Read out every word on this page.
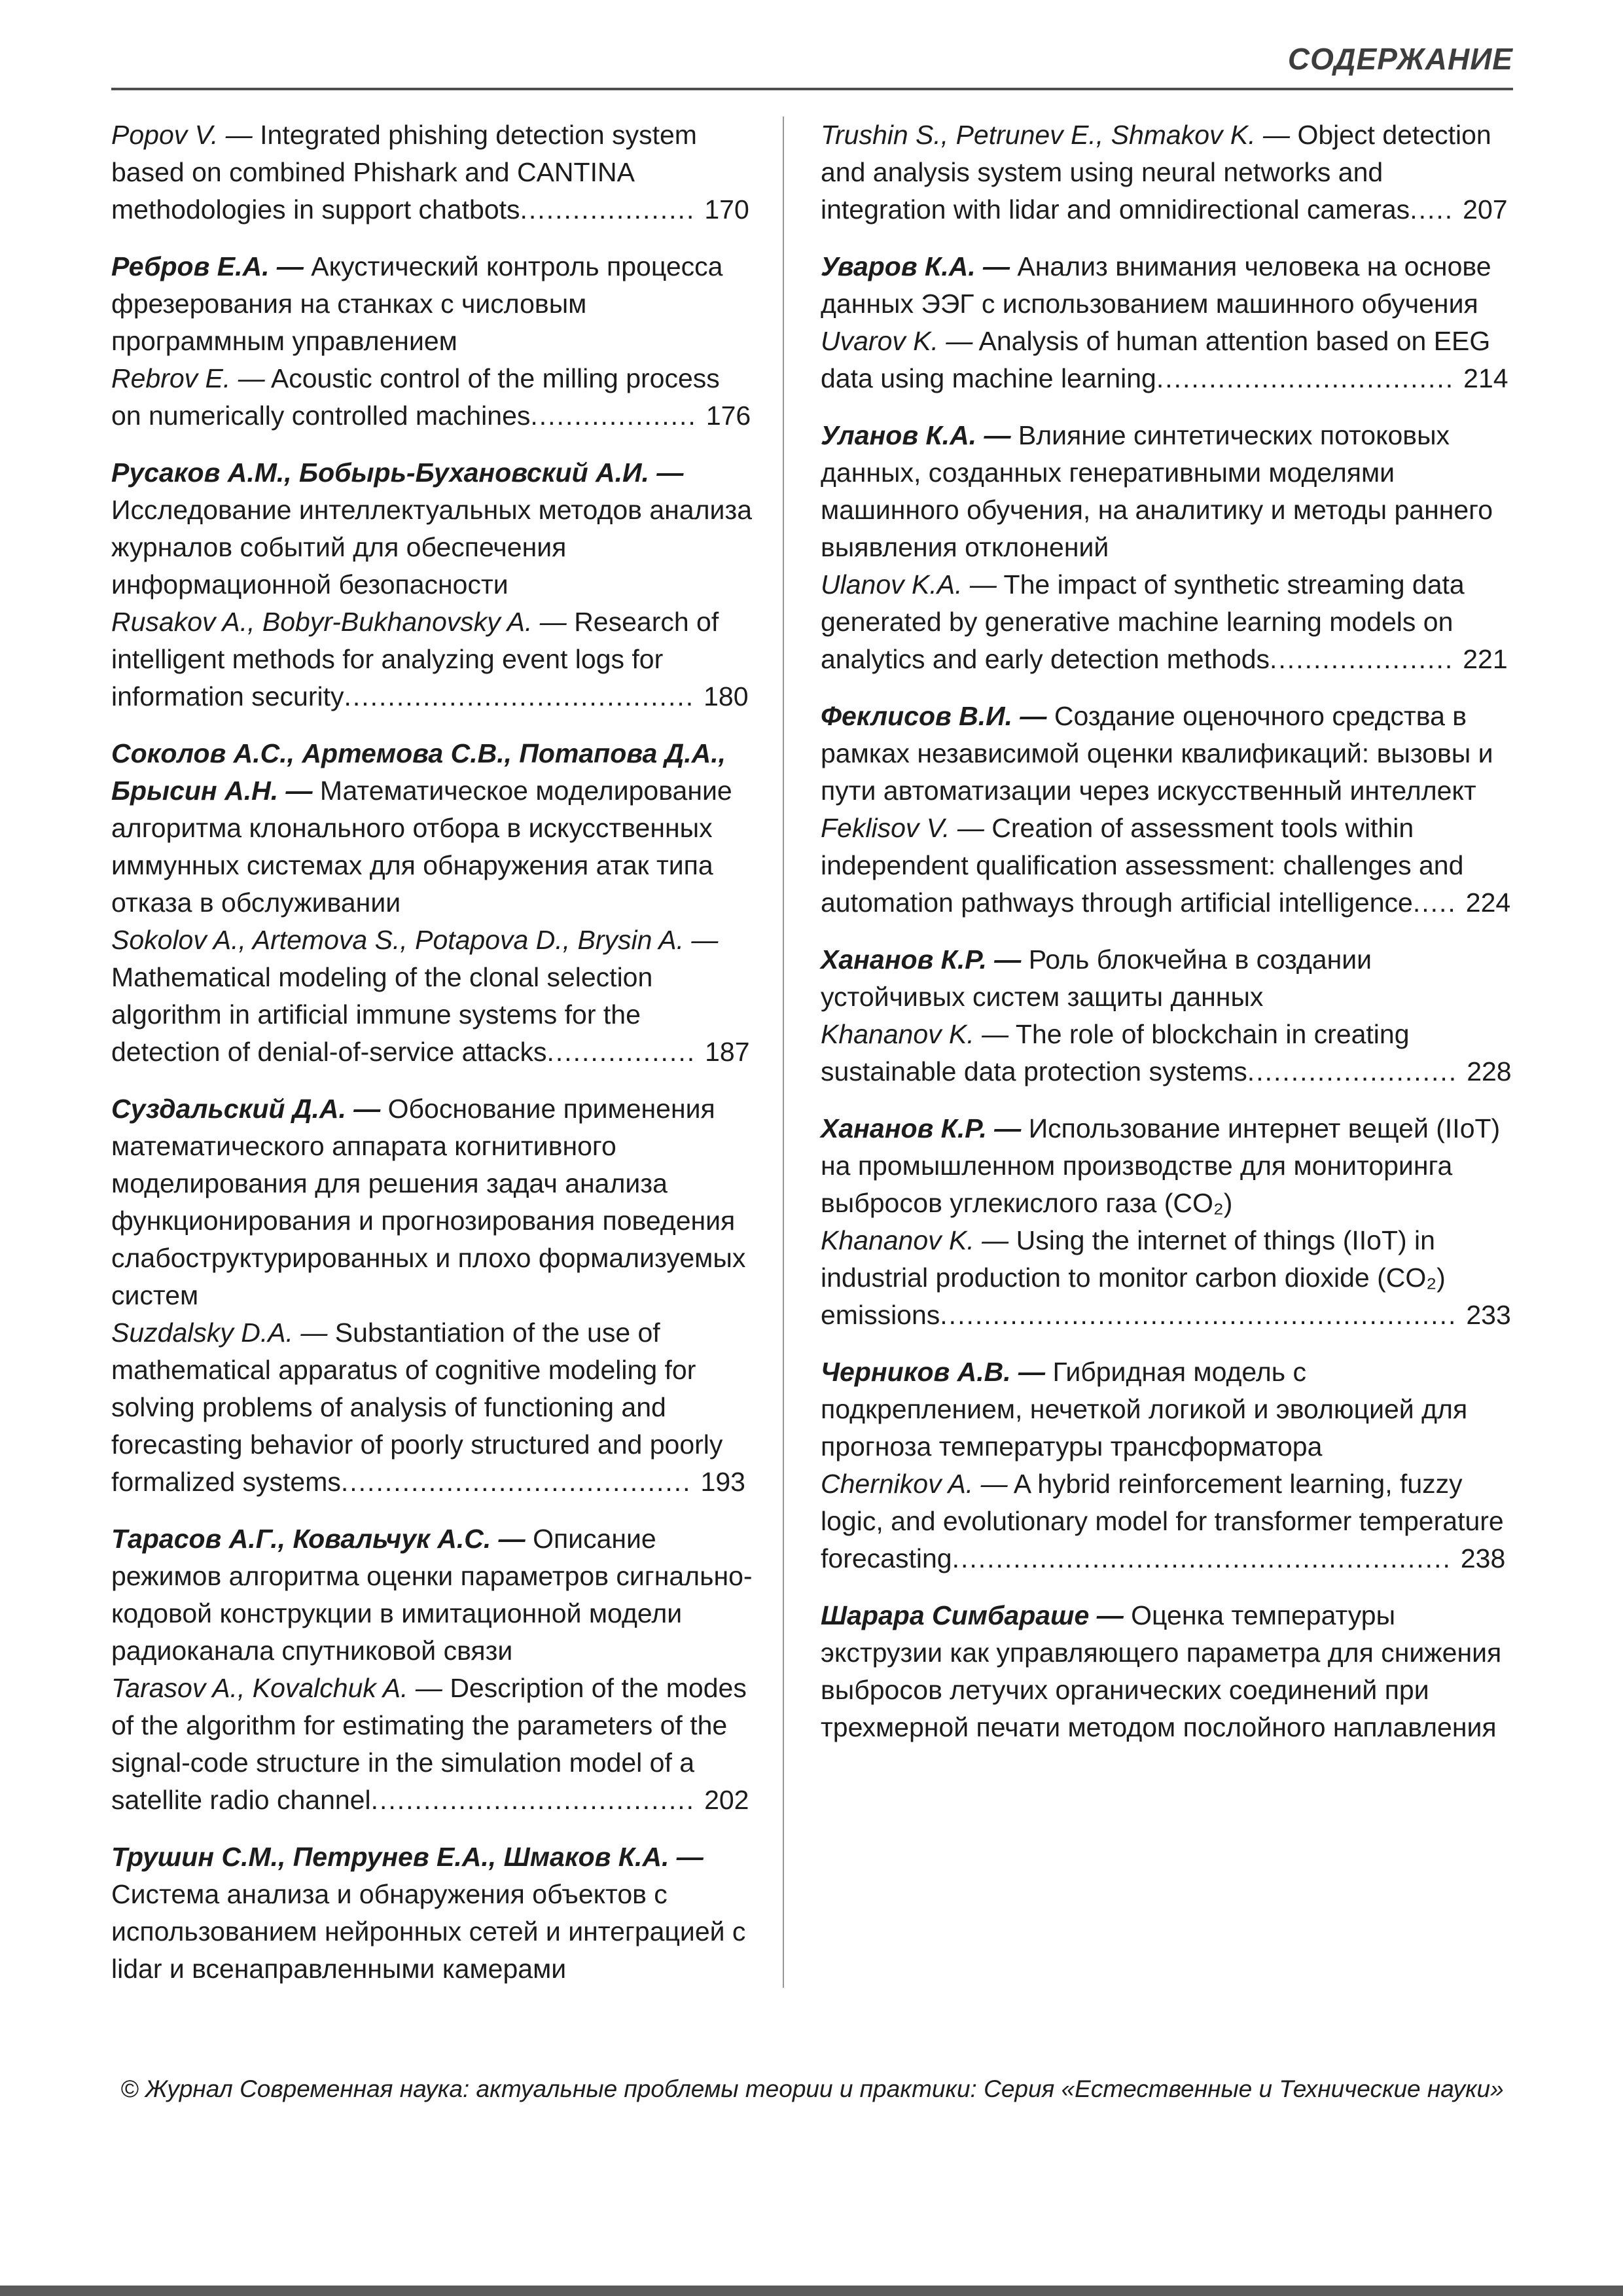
СОДЕРЖАНИЕ

Popov V. — Integrated phishing detection system based on combined Phishark and CANTINA methodologies in support chatbots.​.​.​.​.​.​.​.​.​.​.​.​.​.​.​.​.​.​.​.​ 170

Ребров Е.А. — Акустический контроль процесса фрезерования на станках с числовым программным управлением

Rebrov E. — Acoustic control of the milling process on numerically controlled machines.​.​.​.​.​.​.​.​.​.​.​.​.​.​.​.​.​.​.​ 176

Русаков А.М., Бобырь-Бухановский А.И. — Исследование интеллектуальных методов анализа журналов событий для обеспечения информационной безопасности

Rusakov A., Bobyr-Bukhanovsky A. — Research of intelligent methods for analyzing event logs for information security.​.​.​.​.​.​.​.​.​.​.​.​.​.​.​.​.​.​.​.​.​.​.​.​.​.​.​.​.​.​.​.​.​.​.​.​.​.​.​.​ 180

Соколов А.С., Артемова С.В., Потапова Д.А., Брысин А.Н. — Математическое моделирование алгоритма клонального отбора в искусственных иммунных системах для обнаружения атак типа отказа в обслуживании

Sokolov A., Artemova S., Potapova D., Brysin A. — Mathematical modeling of the clonal selection algorithm in artificial immune systems for the detection of denial-of-service attacks.​.​.​.​.​.​.​.​.​.​.​.​.​.​.​.​.​ 187

Суздальский Д.А. — Обоснование применения математического аппарата когнитивного моделирования для решения задач анализа функционирования и прогнозирования поведения слабоструктурированных и плохо формализуемых систем

Suzdalsky D.A. — Substantiation of the use of mathematical apparatus of cognitive modeling for solving problems of analysis of functioning and forecasting behavior of poorly structured and poorly formalized systems.​.​.​.​.​.​.​.​.​.​.​.​.​.​.​.​.​.​.​.​.​.​.​.​.​.​.​.​.​.​.​.​.​.​.​.​.​.​.​.​ 193

Тарасов А.Г., Ковальчук А.С. — Описание режимов алгоритма оценки параметров сигнально-кодовой конструкции в имитационной модели радиоканала спутниковой связи

Tarasov A., Kovalchuk A. — Description of the modes of the algorithm for estimating the parameters of the signal-code structure in the simulation model of a satellite radio channel.​.​.​.​.​.​.​.​.​.​.​.​.​.​.​.​.​.​.​.​.​.​.​.​.​.​.​.​.​.​.​.​.​.​.​.​.​ 202

Трушин С.М., Петрунев Е.А., Шмаков К.А. — Система анализа и обнаружения объектов с использованием нейронных сетей и интеграцией с lidar и всенаправленными камерами

Trushin S., Petrunev E., Shmakov K. — Object detection and analysis system using neural networks and integration with lidar and omnidirectional cameras.​.​.​.​.​ 207

Уваров К.А. — Анализ внимания человека на основе данных ЭЭГ с использованием машинного обучения

Uvarov K. — Analysis of human attention based on EEG data using machine learning.​.​.​.​.​.​.​.​.​.​.​.​.​.​.​.​.​.​.​.​.​.​.​.​.​.​.​.​.​.​.​.​.​.​ 214

Уланов К.А. — Влияние синтетических потоковых данных, созданных генеративными моделями машинного обучения, на аналитику и методы раннего выявления отклонений

Ulanov K.A. — The impact of synthetic streaming data generated by generative machine learning models on analytics and early detection methods.​.​.​.​.​.​.​.​.​.​.​.​.​.​.​.​.​.​.​.​.​ 221

Феклисов В.И. — Создание оценочного средства в рамках независимой оценки квалификаций: вызовы и пути автоматизации через искусственный интеллект

Feklisov V. — Creation of assessment tools within independent qualification assessment: challenges and automation pathways through artificial intelligence.​.​.​.​.​ 224

Хананов К.Р. — Роль блокчейна в создании устойчивых систем защиты данных

Khananov K. — The role of blockchain in creating sustainable data protection systems.​.​.​.​.​.​.​.​.​.​.​.​.​.​.​.​.​.​.​.​.​.​.​.​ 228

Хананов К.Р. — Использование интернет вещей (IIoT) на промышленном производстве для мониторинга выбросов углекислого газа (CO₂)

Khananov K. — Using the internet of things (IIoT) in industrial production to monitor carbon dioxide (CO₂) emissions.​.​.​.​.​.​.​.​.​.​.​.​.​.​.​.​.​.​.​.​.​.​.​.​.​.​.​.​.​.​.​.​.​.​.​.​.​.​.​.​.​.​.​.​.​.​.​.​.​.​.​.​.​.​.​.​.​.​.​ 233

Черников А.В. — Гибридная модель с подкреплением, нечеткой логикой и эволюцией для прогноза температуры трансформатора

Chernikov A. — A hybrid reinforcement learning, fuzzy logic, and evolutionary model for transformer temperature forecasting.​.​.​.​.​.​.​.​.​.​.​.​.​.​.​.​.​.​.​.​.​.​.​.​.​.​.​.​.​.​.​.​.​.​.​.​.​.​.​.​.​.​.​.​.​.​.​.​.​.​.​.​.​.​.​.​.​ 238

Шарара Симбараше — Оценка температуры экструзии как управляющего параметра для снижения выбросов летучих органических соединений при трехмерной печати методом послойного наплавления

© Журнал Современная наука: актуальные проблемы теории и практики: Серия «Естественные и Технические науки»
